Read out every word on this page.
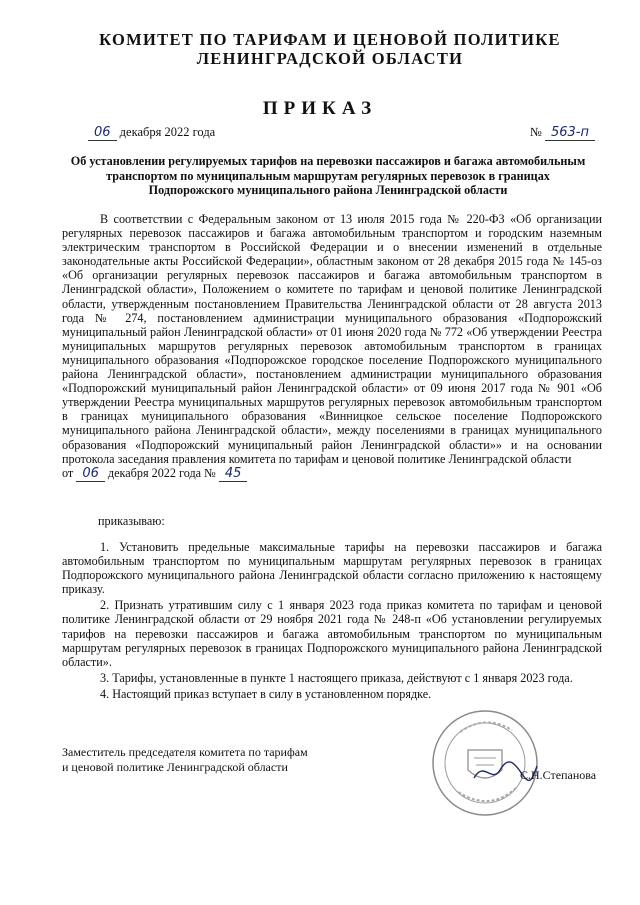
КОМИТЕТ ПО ТАРИФАМ И ЦЕНОВОЙ ПОЛИТИКЕ
ЛЕНИНГРАДСКОЙ ОБЛАСТИ
ПРИКАЗ
06 декабря 2022 года	№ 563-п
Об установлении регулируемых тарифов на перевозки пассажиров и багажа автомобильным
транспортом по муниципальным маршрутам регулярных перевозок в границах
Подпорожского муниципального района Ленинградской области

В соответствии с Федеральным законом от 13 июля 2015 года № 220-ФЗ «Об организации регулярных перевозок пассажиров и багажа автомобильным транспортом и городским наземным электрическим транспортом в Российской Федерации и о внесении изменений в отдельные законодательные акты Российской Федерации», областным законом от 28 декабря 2015 года № 145-оз «Об организации регулярных перевозок пассажиров и багажа автомобильным транспортом в Ленинградской области», Положением о комитете по тарифам и ценовой политике Ленинградской области, утвержденным постановлением Правительства Ленинградской области от 28 августа 2013 года № 274, постановлением администрации муниципального образования «Подпорожский муниципальный район Ленинградской области» от 01 июня 2020 года № 772 «Об утверждении Реестра муниципальных маршрутов регулярных перевозок автомобильным транспортом в границах муниципального образования «Подпорожское городское поселение Подпорожского муниципального района Ленинградской области», постановлением администрации муниципального образования «Подпорожский муниципальный район Ленинградской области» от 09 июня 2017 года № 901 «Об утверждении Реестра муниципальных маршрутов регулярных перевозок автомобильным транспортом в границах муниципального образования «Винницкое сельское поселение Подпорожского муниципального района Ленинградской области», между поселениями в границах муниципального образования «Подпорожский муниципальный район Ленинградской области»» и на основании протокола заседания правления комитета по тарифам и ценовой политике Ленинградской области
от 06 декабря 2022 года № 45

приказываю:

1. Установить предельные максимальные тарифы на перевозки пассажиров и багажа автомобильным транспортом по муниципальным маршрутам регулярных перевозок в границах Подпорожского муниципального района Ленинградской области согласно приложению к настоящему приказу.

2. Признать утратившим силу с 1 января 2023 года приказ комитета по тарифам и ценовой политике Ленинградской области от 29 ноября 2021 года № 248-п «Об установлении регулируемых тарифов на перевозки пассажиров и багажа автомобильным транспортом по муниципальным маршрутам регулярных перевозок в границах Подпорожского муниципального района Ленинградской области».

3. Тарифы, установленные в пункте 1 настоящего приказа, действуют с 1 января 2023 года.

4. Настоящий приказ вступает в силу в установленном порядке.

Заместитель председателя комитета по тарифам
и ценовой политике Ленинградской области
С.Н.Степанова
